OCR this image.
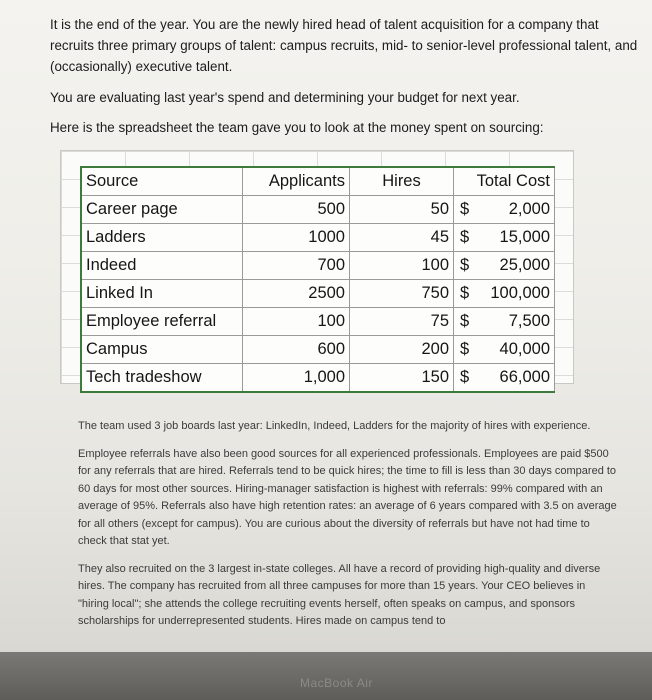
It is the end of the year. You are the newly hired head of talent acquisition for a company that recruits three primary groups of talent: campus recruits, mid- to senior-level professional talent, and (occasionally) executive talent.

You are evaluating last year's spend and determining your budget for next year.

Here is the spreadsheet the team gave you to look at the money spent on sourcing:

Source	Applicants	Hires	Total Cost
Career page	500	50	$ 2,000
Ladders	1000	45	$ 15,000
Indeed	700	100	$ 25,000
Linked In	2500	750	$ 100,000
Employee referral	100	75	$ 7,500
Campus	600	200	$ 40,000
Tech tradeshow	1,000	150	$ 66,000

The team used 3 job boards last year: LinkedIn, Indeed, Ladders for the majority of hires with experience.

Employee referrals have also been good sources for all experienced professionals. Employees are paid $500 for any referrals that are hired. Referrals tend to be quick hires; the time to fill is less than 30 days compared to 60 days for most other sources. Hiring-manager satisfaction is highest with referrals: 99% compared with an average of 95%. Referrals also have high retention rates: an average of 6 years compared with 3.5 on average for all others (except for campus). You are curious about the diversity of referrals but have not had time to check that stat yet.

They also recruited on the 3 largest in-state colleges. All have a record of providing high-quality and diverse hires. The company has recruited from all three campuses for more than 15 years. Your CEO believes in "hiring local"; she attends the college recruiting events herself, often speaks on campus, and sponsors scholarships for underrepresented students. Hires made on campus tend to

MacBook Air
